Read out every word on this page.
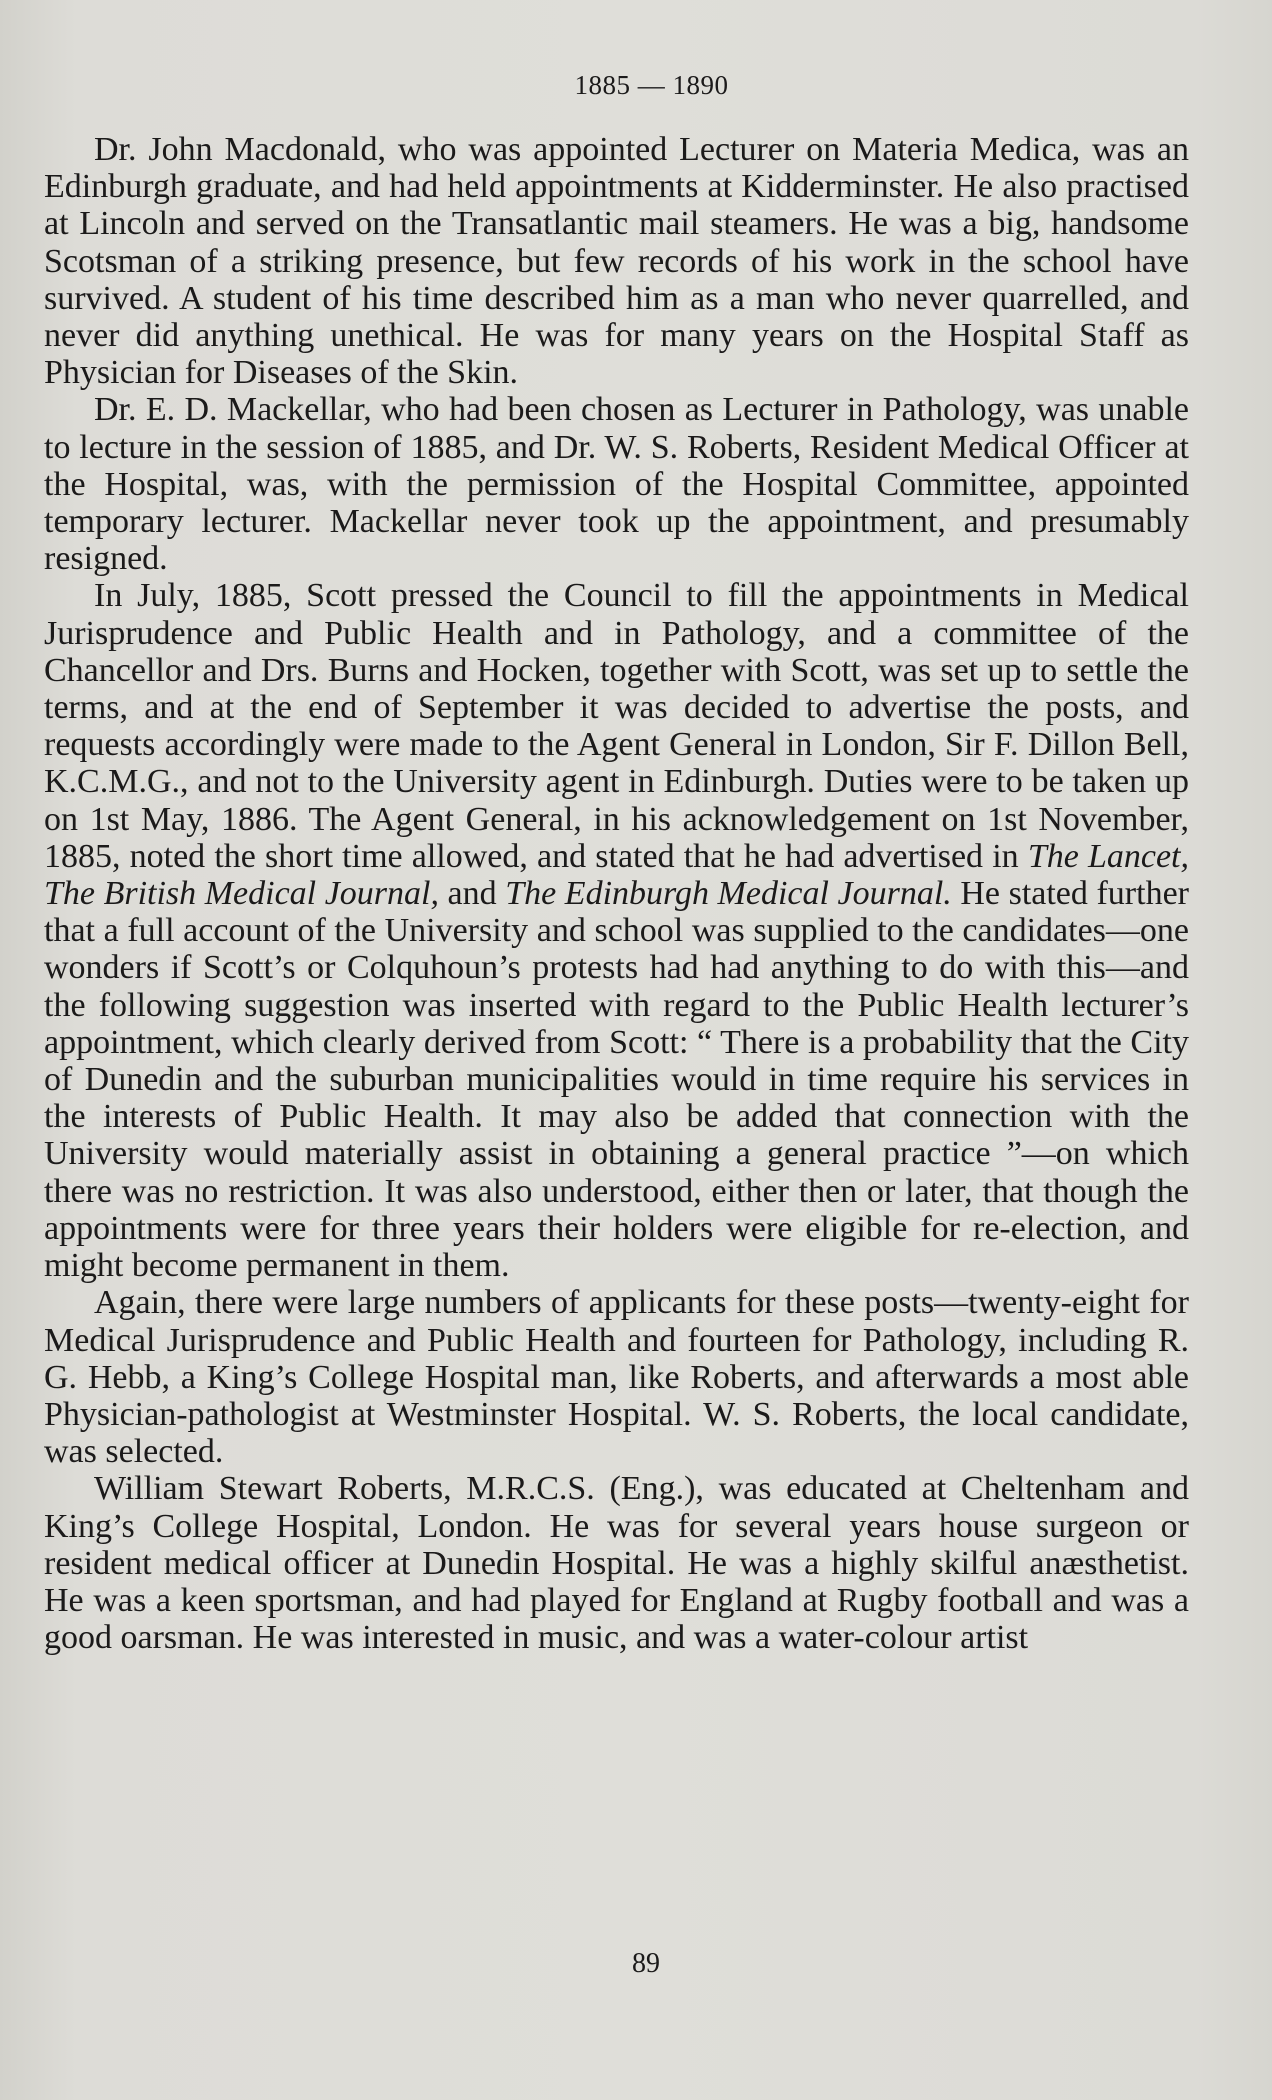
1885 — 1890

Dr. John Macdonald, who was appointed Lecturer on Materia Medica, was an Edinburgh graduate, and had held appointments at Kidderminster. He also practised at Lincoln and served on the Transatlantic mail steamers. He was a big, handsome Scotsman of a striking presence, but few records of his work in the school have survived. A student of his time described him as a man who never quarrelled, and never did anything unethical. He was for many years on the Hospital Staff as Physician for Diseases of the Skin.

Dr. E. D. Mackellar, who had been chosen as Lecturer in Pathology, was unable to lecture in the session of 1885, and Dr. W. S. Roberts, Resident Medical Officer at the Hospital, was, with the permission of the Hospital Committee, appointed temporary lecturer. Mackellar never took up the appointment, and presumably resigned.

In July, 1885, Scott pressed the Council to fill the appointments in Medical Jurisprudence and Public Health and in Pathology, and a committee of the Chancellor and Drs. Burns and Hocken, together with Scott, was set up to settle the terms, and at the end of September it was decided to advertise the posts, and requests accordingly were made to the Agent General in London, Sir F. Dillon Bell, K.C.M.G., and not to the University agent in Edinburgh. Duties were to be taken up on 1st May, 1886. The Agent General, in his acknowledgement on 1st November, 1885, noted the short time allowed, and stated that he had advertised in The Lancet, The British Medical Journal, and The Edinburgh Medical Journal. He stated further that a full account of the University and school was supplied to the candidates—one wonders if Scott’s or Colquhoun’s protests had had anything to do with this—and the following suggestion was inserted with regard to the Public Health lecturer’s appointment, which clearly derived from Scott: “ There is a probability that the City of Dunedin and the suburban municipalities would in time require his services in the interests of Public Health. It may also be added that connection with the University would materially assist in obtaining a general practice ”—on which there was no restriction. It was also understood, either then or later, that though the appointments were for three years their holders were eligible for re-election, and might become permanent in them.

Again, there were large numbers of applicants for these posts—twenty-eight for Medical Jurisprudence and Public Health and fourteen for Pathology, including R. G. Hebb, a King’s College Hospital man, like Roberts, and afterwards a most able Physician-pathologist at Westminster Hospital. W. S. Roberts, the local candidate, was selected.

William Stewart Roberts, M.R.C.S. (Eng.), was educated at Cheltenham and King’s College Hospital, London. He was for several years house surgeon or resident medical officer at Dunedin Hospital. He was a highly skilful anæsthetist. He was a keen sportsman, and had played for England at Rugby football and was a good oarsman. He was interested in music, and was a water-colour artist

89
